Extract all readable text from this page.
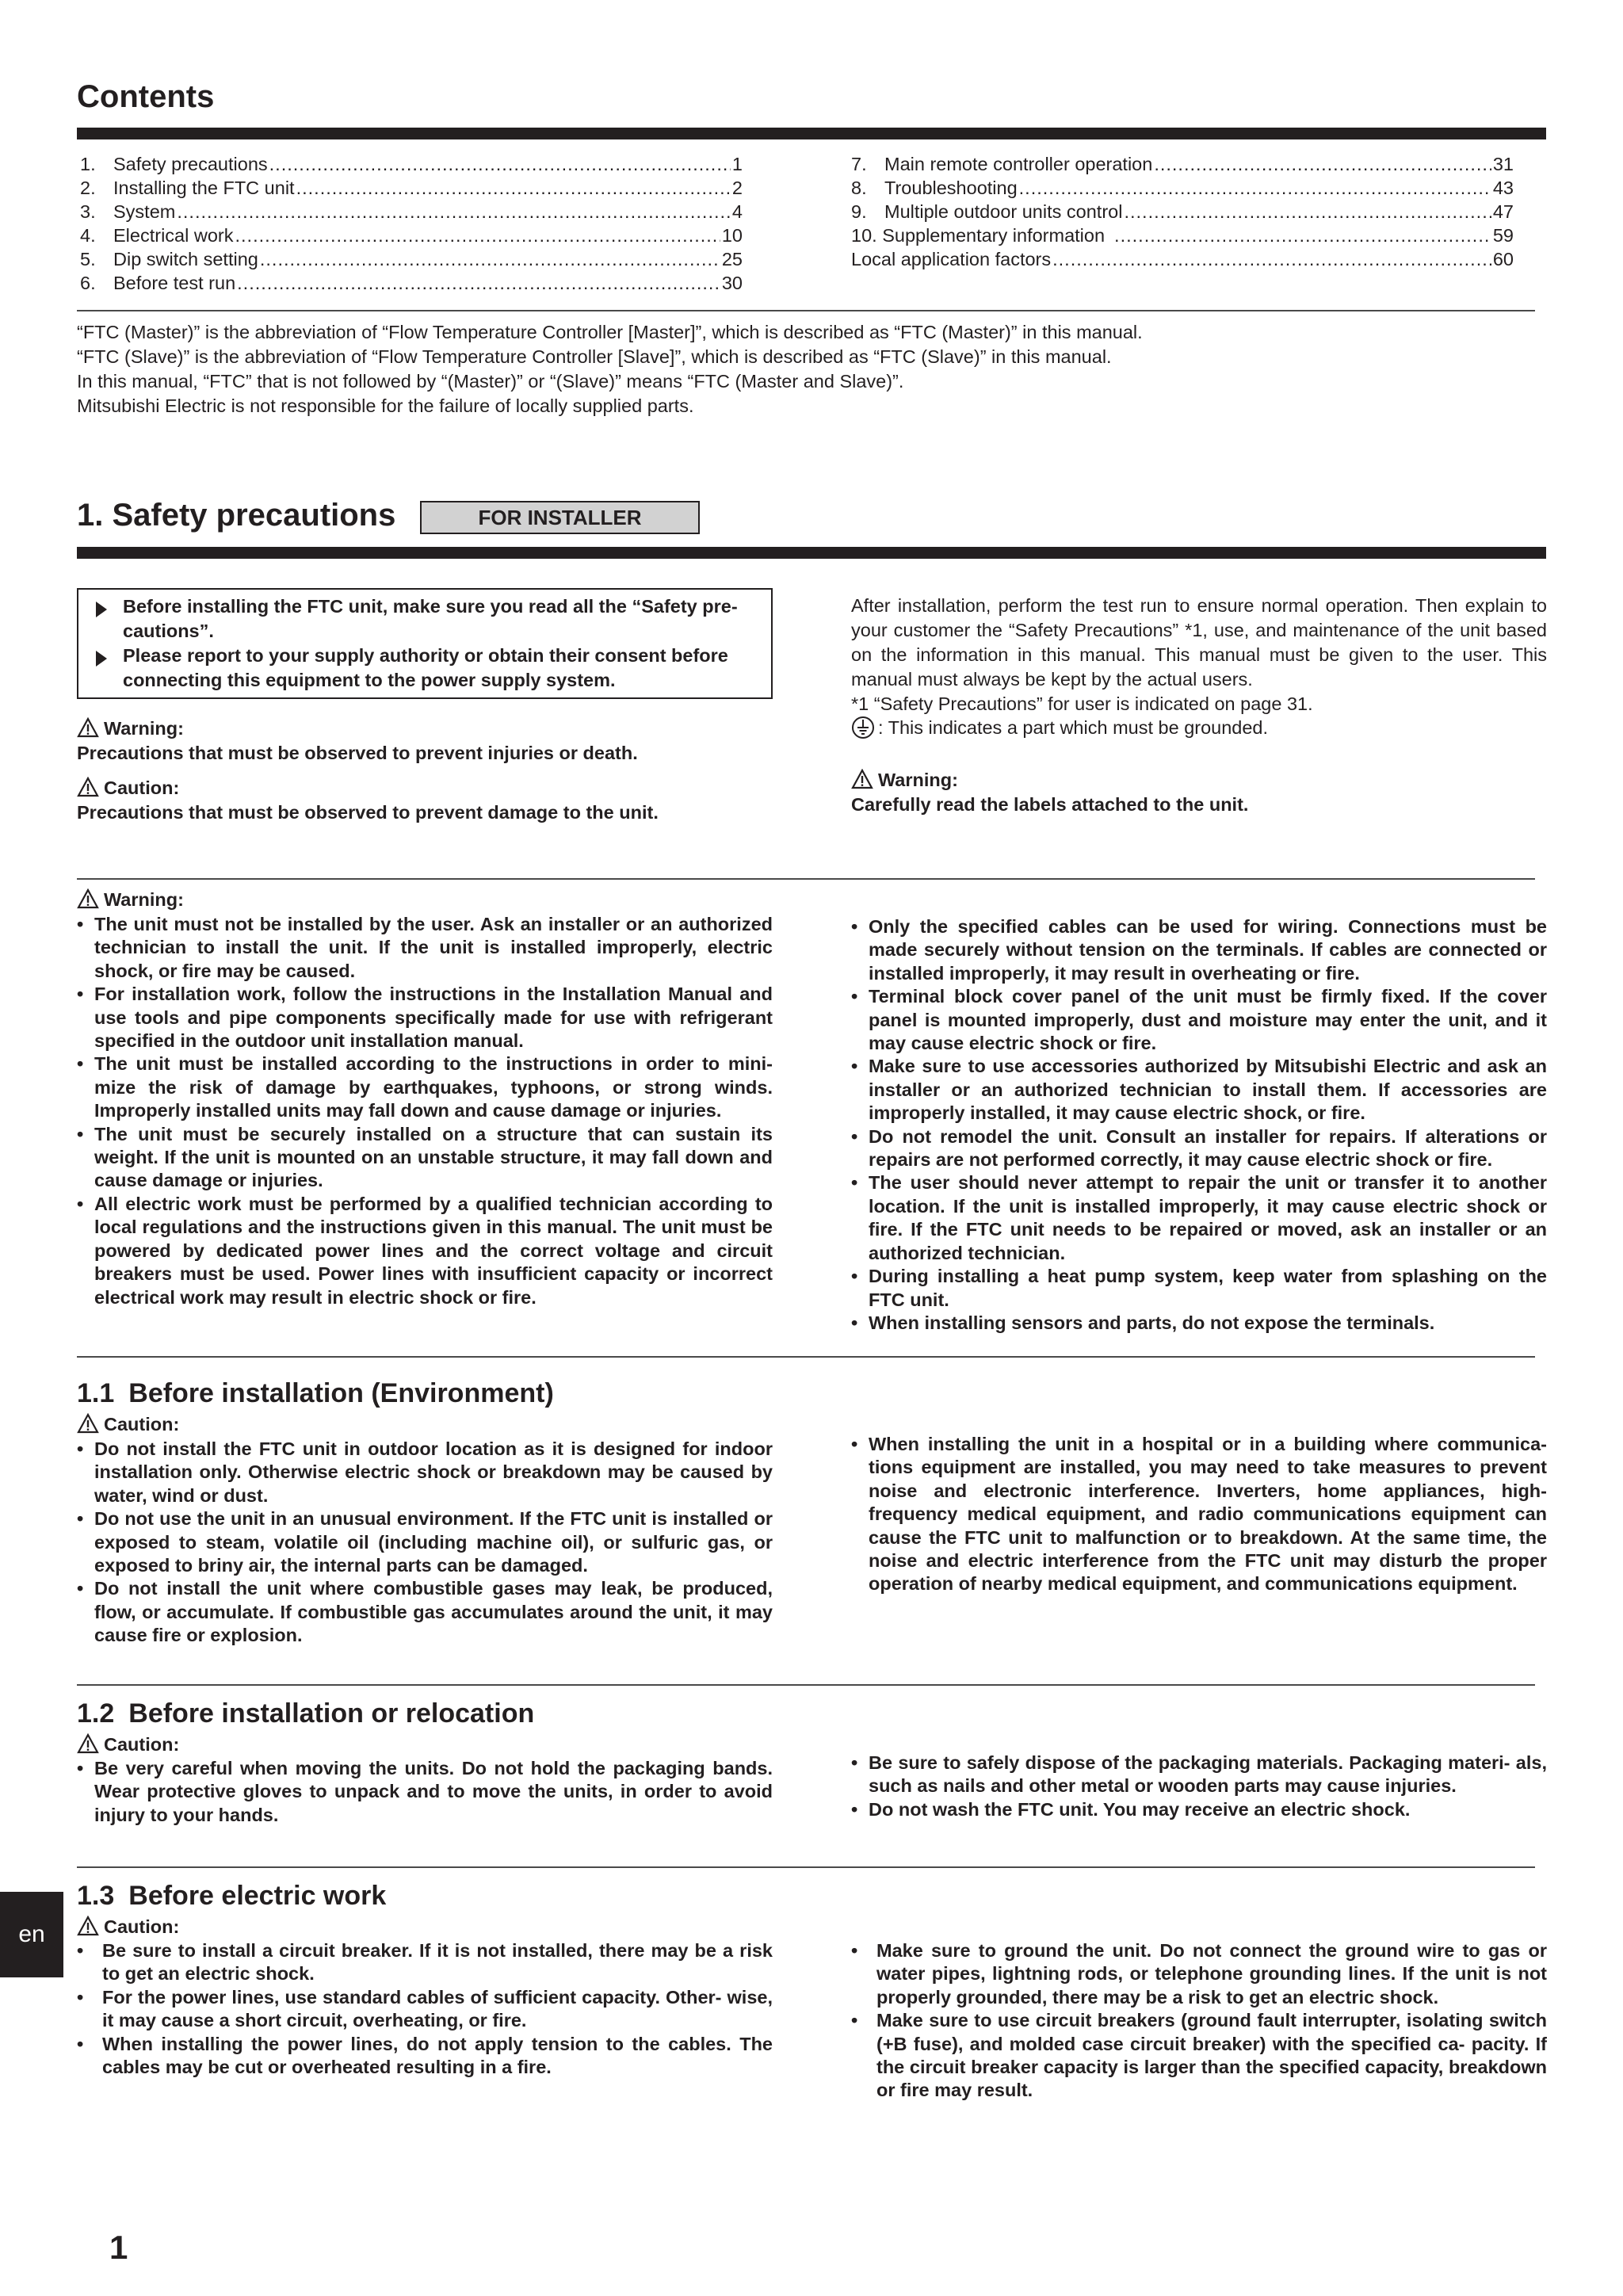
Contents
1. Safety precautions .....	1
2. Installing the FTC unit .....	2
3. System .....	4
4. Electrical work .....	10
5. Dip switch setting .....	25
6. Before test run .....	30
7. Main remote controller operation .....	31
8. Troubleshooting .....	43
9. Multiple outdoor units control .....	47
10. Supplementary information .....	59
Local application factors .....	60
“FTC (Master)” is the abbreviation of “Flow Temperature Controller [Master]”, which is described as “FTC (Master)” in this manual.
“FTC (Slave)” is the abbreviation of “Flow Temperature Controller [Slave]”, which is described as “FTC (Slave)” in this manual.
In this manual, “FTC” that is not followed by “(Master)” or “(Slave)” means “FTC (Master and Slave)”.
Mitsubishi Electric is not responsible for the failure of locally supplied parts.
1. Safety precautions	FOR INSTALLER
Before installing the FTC unit, make sure you read all the “Safety pre- cautions”.
Please report to your supply authority or obtain their consent before connecting this equipment to the power supply system.
Warning:
Precautions that must be observed to prevent injuries or death.
Caution:
Precautions that must be observed to prevent damage to the unit.
After installation, perform the test run to ensure normal operation. Then explain to your customer the “Safety Precautions” *1, use, and maintenance of the unit based on the information in this manual. This manual must be given to the user. This manual must always be kept by the actual users.
*1 “Safety Precautions” for user is indicated on page 31.
: This indicates a part which must be grounded.
Warning:
Carefully read the labels attached to the unit.
Warning:
• The unit must not be installed by the user. Ask an installer or an authorized technician to install the unit. If the unit is installed improperly, electric shock, or fire may be caused.
• For installation work, follow the instructions in the Installation Manual and use tools and pipe components specifically made for use with refrigerant specified in the outdoor unit installation manual.
• The unit must be installed according to the instructions in order to mini- mize the risk of damage by earthquakes, typhoons, or strong winds. Improperly installed units may fall down and cause damage or injuries.
• The unit must be securely installed on a structure that can sustain its weight. If the unit is mounted on an unstable structure, it may fall down and cause damage or injuries.
• All electric work must be performed by a qualified technician according to local regulations and the instructions given in this manual. The unit must be powered by dedicated power lines and the correct voltage and circuit breakers must be used. Power lines with insufficient capacity or incorrect electrical work may result in electric shock or fire.
• Only the specified cables can be used for wiring. Connections must be made securely without tension on the terminals. If cables are connected or installed improperly, it may result in overheating or fire.
• Terminal block cover panel of the unit must be firmly fixed. If the cover panel is mounted improperly, dust and moisture may enter the unit, and it may cause electric shock or fire.
• Make sure to use accessories authorized by Mitsubishi Electric and ask an installer or an authorized technician to install them. If accessories are improperly installed, it may cause electric shock, or fire.
• Do not remodel the unit. Consult an installer for repairs. If alterations or repairs are not performed correctly, it may cause electric shock or fire.
• The user should never attempt to repair the unit or transfer it to another location. If the unit is installed improperly, it may cause electric shock or fire. If the FTC unit needs to be repaired or moved, ask an installer or an authorized technician.
• During installing a heat pump system, keep water from splashing on the FTC unit.
• When installing sensors and parts, do not expose the terminals.
1.1 Before installation (Environment)
Caution:
• Do not install the FTC unit in outdoor location as it is designed for indoor installation only. Otherwise electric shock or breakdown may be caused by water, wind or dust.
• Do not use the unit in an unusual environment. If the FTC unit is installed or exposed to steam, volatile oil (including machine oil), or sulfuric gas, or exposed to briny air, the internal parts can be damaged.
• Do not install the unit where combustible gases may leak, be produced, flow, or accumulate. If combustible gas accumulates around the unit, it may cause fire or explosion.
• When installing the unit in a hospital or in a building where communica- tions equipment are installed, you may need to take measures to prevent noise and electronic interference. Inverters, home appliances, high- frequency medical equipment, and radio communications equipment can cause the FTC unit to malfunction or to breakdown. At the same time, the noise and electric interference from the FTC unit may disturb the proper operation of nearby medical equipment, and communications equipment.
1.2 Before installation or relocation
Caution:
• Be very careful when moving the units. Do not hold the packaging bands. Wear protective gloves to unpack and to move the units, in order to avoid injury to your hands.
• Be sure to safely dispose of the packaging materials. Packaging materi- als, such as nails and other metal or wooden parts may cause injuries.
• Do not wash the FTC unit. You may receive an electric shock.
1.3 Before electric work
Caution:
• Be sure to install a circuit breaker. If it is not installed, there may be a risk to get an electric shock.
• For the power lines, use standard cables of sufficient capacity. Other- wise, it may cause a short circuit, overheating, or fire.
• When installing the power lines, do not apply tension to the cables. The cables may be cut or overheated resulting in a fire.
• Make sure to ground the unit. Do not connect the ground wire to gas or water pipes, lightning rods, or telephone grounding lines. If the unit is not properly grounded, there may be a risk to get an electric shock.
• Make sure to use circuit breakers (ground fault interrupter, isolating switch (+B fuse), and molded case circuit breaker) with the specified ca- pacity. If the circuit breaker capacity is larger than the specified capacity, breakdown or fire may result.
en
1
